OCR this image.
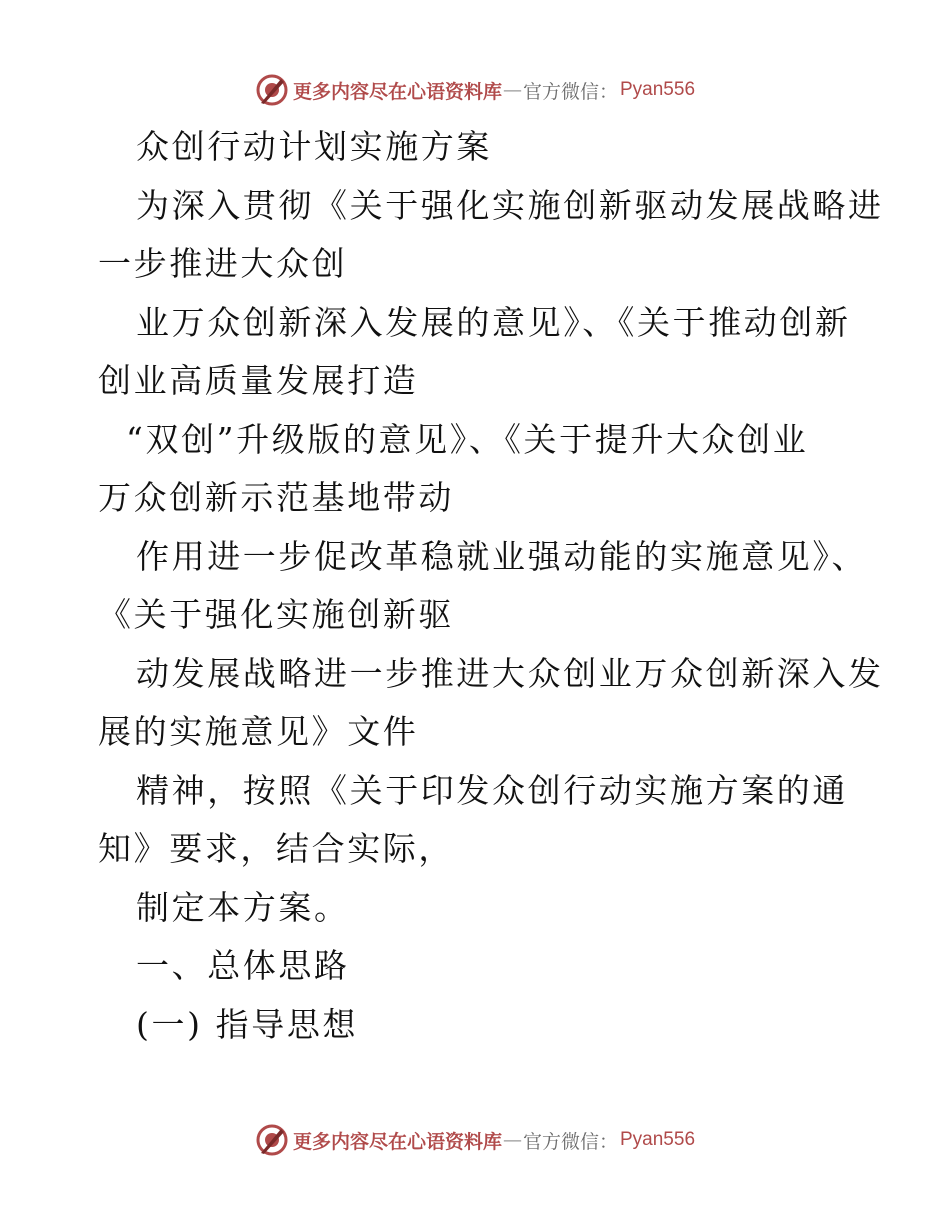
更多内容尽在心语资料库 — 官方微信： Pyan556
众创行动计划实施方案
为深入贯彻《关于强化实施创新驱动发展战略进
一步推进大众创
业万众创新深入发展的意见》、《关于推动创新
创业高质量发展打造
“双创”升级版的意见》、《关于提升大众创业
万众创新示范基地带动
作用进一步促改革稳就业强动能的实施意见》、
《关于强化实施创新驱
动发展战略进一步推进大众创业万众创新深入发
展的实施意见》文件
精神，按照《关于印发众创行动实施方案的通
知》要求，结合实际，
制定本方案。
一、总体思路
(一) 指导思想
更多内容尽在心语资料库 — 官方微信： Pyan556
